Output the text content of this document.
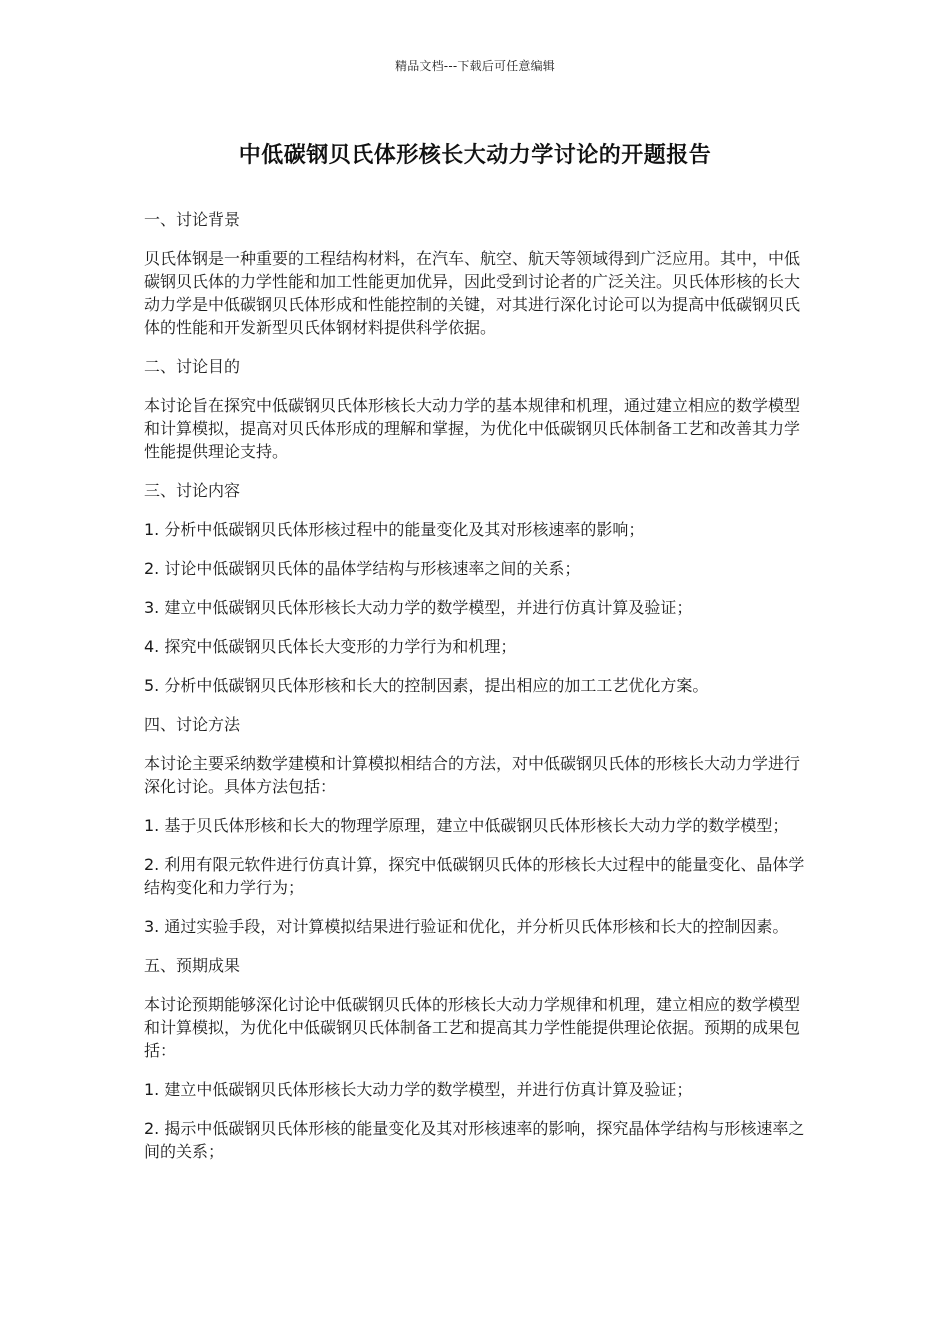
精品文档---下载后可任意编辑
中低碳钢贝氏体形核长大动力学讨论的开题报告

一、讨论背景

贝氏体钢是一种重要的工程结构材料，在汽车、航空、航天等领域得到广泛应用。其中，中低碳钢贝氏体的力学性能和加工性能更加优异，因此受到讨论者的广泛关注。贝氏体形核的长大动力学是中低碳钢贝氏体形成和性能控制的关键，对其进行深化讨论可以为提高中低碳钢贝氏体的性能和开发新型贝氏体钢材料提供科学依据。

二、讨论目的

本讨论旨在探究中低碳钢贝氏体形核长大动力学的基本规律和机理，通过建立相应的数学模型和计算模拟，提高对贝氏体形成的理解和掌握，为优化中低碳钢贝氏体制备工艺和改善其力学性能提供理论支持。

三、讨论内容

1. 分析中低碳钢贝氏体形核过程中的能量变化及其对形核速率的影响；

2. 讨论中低碳钢贝氏体的晶体学结构与形核速率之间的关系；

3. 建立中低碳钢贝氏体形核长大动力学的数学模型，并进行仿真计算及验证；

4. 探究中低碳钢贝氏体长大变形的力学行为和机理；

5. 分析中低碳钢贝氏体形核和长大的控制因素，提出相应的加工工艺优化方案。

四、讨论方法

本讨论主要采纳数学建模和计算模拟相结合的方法，对中低碳钢贝氏体的形核长大动力学进行深化讨论。具体方法包括：

1. 基于贝氏体形核和长大的物理学原理，建立中低碳钢贝氏体形核长大动力学的数学模型；

2. 利用有限元软件进行仿真计算，探究中低碳钢贝氏体的形核长大过程中的能量变化、晶体学结构变化和力学行为；

3. 通过实验手段，对计算模拟结果进行验证和优化，并分析贝氏体形核和长大的控制因素。

五、预期成果

本讨论预期能够深化讨论中低碳钢贝氏体的形核长大动力学规律和机理，建立相应的数学模型和计算模拟，为优化中低碳钢贝氏体制备工艺和提高其力学性能提供理论依据。预期的成果包括：

1. 建立中低碳钢贝氏体形核长大动力学的数学模型，并进行仿真计算及验证；

2. 揭示中低碳钢贝氏体形核的能量变化及其对形核速率的影响，探究晶体学结构与形核速率之间的关系；
